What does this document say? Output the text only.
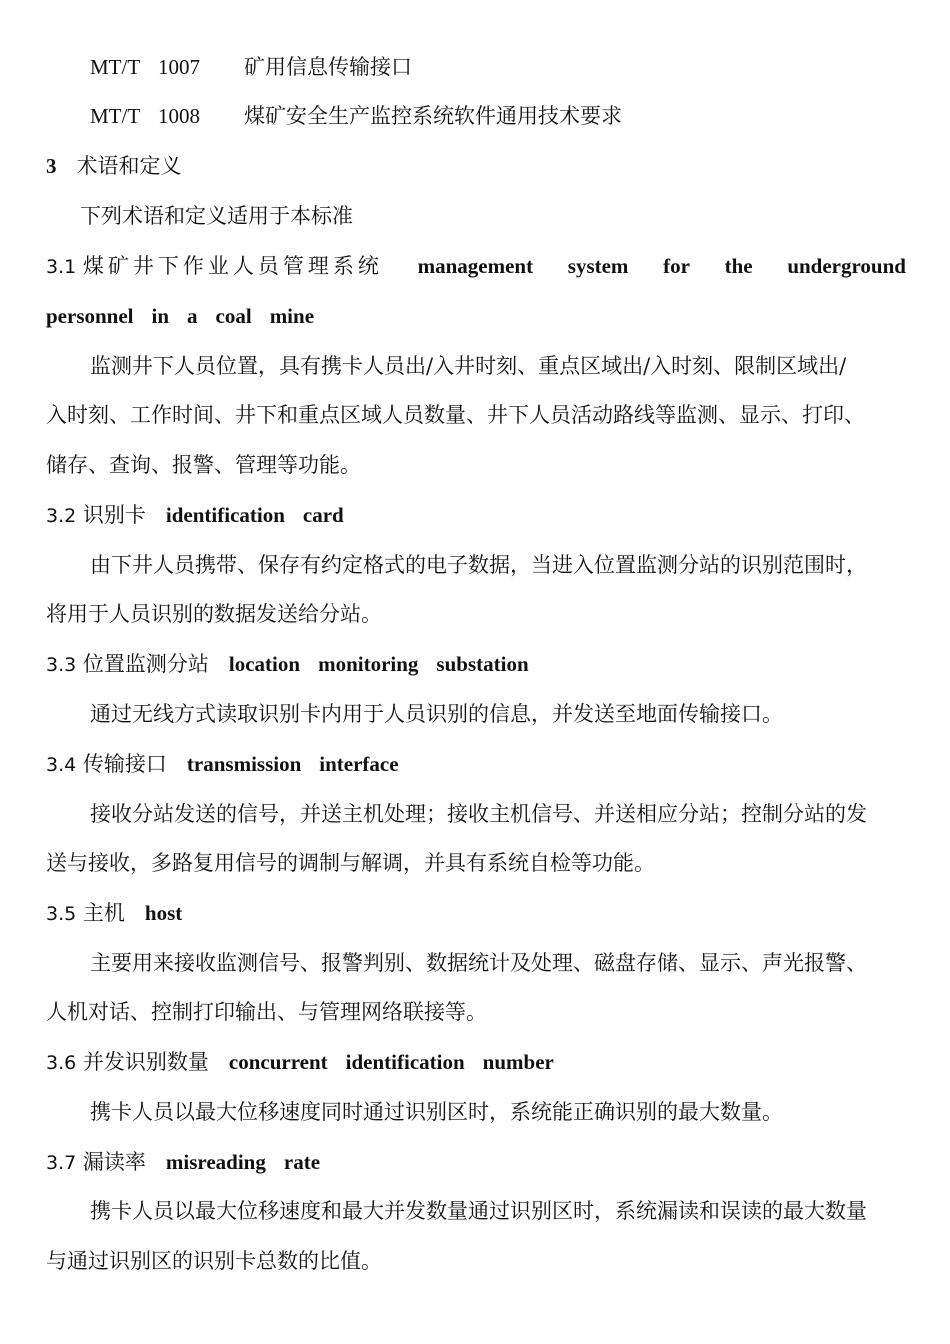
MT/T 1007 矿用信息传输接口
MT/T 1008 煤矿安全生产监控系统软件通用技术要求
3 术语和定义
下列术语和定义适用于本标准
3.1 煤矿井下作业人员管理系统 management system for the underground
personnel in a coal mine
监测井下人员位置，具有携卡人员出/入井时刻、重点区域出/入时刻、限制区域出/
入时刻、工作时间、井下和重点区域人员数量、井下人员活动路线等监测、显示、打印、
储存、查询、报警、管理等功能。
3.2 识别卡 identification card
由下井人员携带、保存有约定格式的电子数据，当进入位置监测分站的识别范围时，
将用于人员识别的数据发送给分站。
3.3 位置监测分站 location monitoring substation
通过无线方式读取识别卡内用于人员识别的信息，并发送至地面传输接口。
3.4 传输接口 transmission interface
接收分站发送的信号，并送主机处理；接收主机信号、并送相应分站；控制分站的发
送与接收，多路复用信号的调制与解调，并具有系统自检等功能。
3.5 主机 host
主要用来接收监测信号、报警判别、数据统计及处理、磁盘存储、显示、声光报警、
人机对话、控制打印输出、与管理网络联接等。
3.6 并发识别数量 concurrent identification number
携卡人员以最大位移速度同时通过识别区时，系统能正确识别的最大数量。
3.7 漏读率 misreading rate
携卡人员以最大位移速度和最大并发数量通过识别区时，系统漏读和误读的最大数量
与通过识别区的识别卡总数的比值。
